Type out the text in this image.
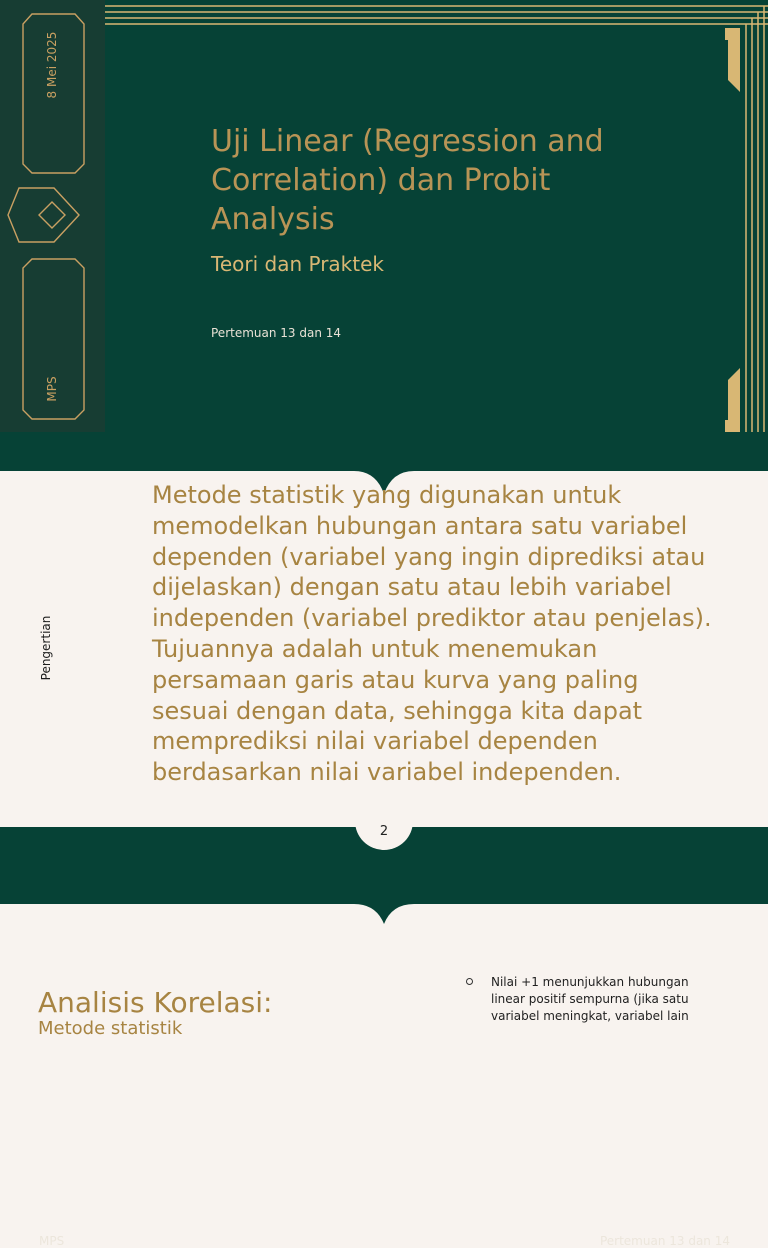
8 Mei 2025
MPS
Uji Linear (Regression and Correlation) dan Probit Analysis
Teori dan Praktek
Pertemuan 13 dan 14
Pengertian

Metode statistik yang digunakan untuk memodelkan hubungan antara satu variabel dependen (variabel yang ingin diprediksi atau dijelaskan) dengan satu atau lebih variabel independen (variabel prediktor atau penjelas). Tujuannya adalah untuk menemukan persamaan garis atau kurva yang paling sesuai dengan data, sehingga kita dapat memprediksi nilai variabel dependen berdasarkan nilai variabel independen.

MPS	Pertemuan 13 dan 14
2
Analisis Korelasi:
Metode statistik
Nilai +1 menunjukkan hubungan linear positif sempurna (jika satu variabel meningkat, variabel lain
